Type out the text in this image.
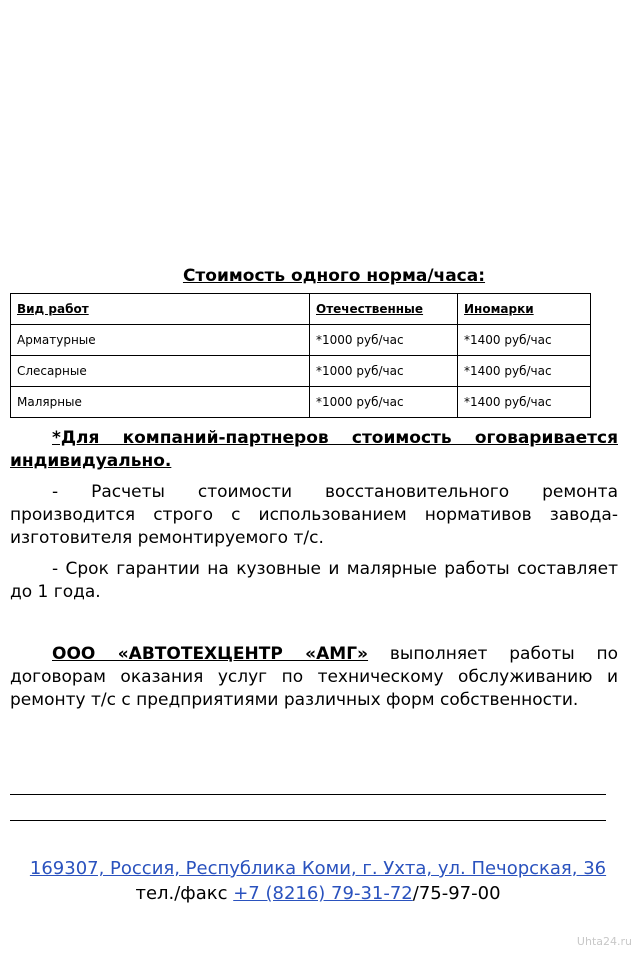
Стоимость одного норма/часа:
Вид работ	Отечественные	Иномарки
Арматурные	*1000 руб/час	*1400 руб/час
Слесарные	*1000 руб/час	*1400 руб/час
Малярные	*1000 руб/час	*1400 руб/час
*Для компаний-партнеров стоимость оговаривается индивидуально.
- Расчеты стоимости восстановительного ремонта производится строго с использованием нормативов завода-изготовителя ремонтируемого т/с.
- Срок гарантии на кузовные и малярные работы составляет до 1 года.
ООО «АВТОТЕХЦЕНТР «АМГ» выполняет работы по договорам оказания услуг по техническому обслуживанию и ремонту т/с с предприятиями различных форм собственности.
169307, Россия, Республика Коми, г. Ухта, ул. Печорская, 36 тел./факс +7 (8216) 79-31-72/75-97-00
Uhta24.ru
